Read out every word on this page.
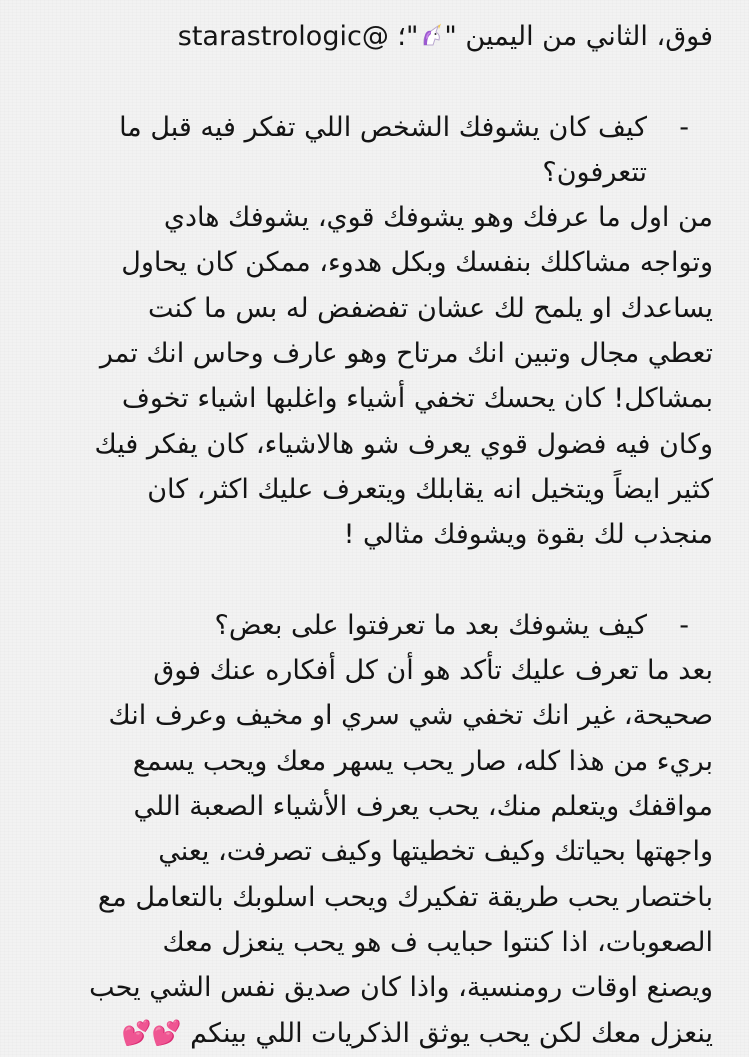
فوق، الثاني من اليمين ""؛ @starastrologic

-كيف كان يشوفك الشخص اللي تفكر فيه قبل ما

تتعرفون؟

من اول ما عرفك وهو يشوفك قوي، يشوفك هادي

وتواجه مشاكلك بنفسك وبكل هدوء، ممكن كان يحاول

يساعدك او يلمح لك عشان تفضفض له بس ما كنت

تعطي مجال وتبين انك مرتاح وهو عارف وحاس انك تمر

بمشاكل! كان يحسك تخفي أشياء واغلبها اشياء تخوف

وكان فيه فضول قوي يعرف شو هالاشياء، كان يفكر فيك

كثير ايضاً ويتخيل انه يقابلك ويتعرف عليك اكثر، كان

منجذب لك بقوة ويشوفك مثالي !

-كيف يشوفك بعد ما تعرفتوا على بعض؟

بعد ما تعرف عليك تأكد هو أن كل أفكاره عنك فوق

صحيحة، غير انك تخفي شي سري او مخيف وعرف انك

بريء من هذا كله، صار يحب يسهر معك ويحب يسمع

مواقفك ويتعلم منك، يحب يعرف الأشياء الصعبة اللي

واجهتها بحياتك وكيف تخطيتها وكيف تصرفت، يعني

باختصار يحب طريقة تفكيرك ويحب اسلوبك بالتعامل مع

الصعوبات، اذا كنتوا حبايب ف هو يحب ينعزل معك

ويصنع اوقات رومنسية، واذا كان صديق نفس الشي يحب

ينعزل معك لكن يحب يوثق الذكريات اللي بينكم 💕💕
